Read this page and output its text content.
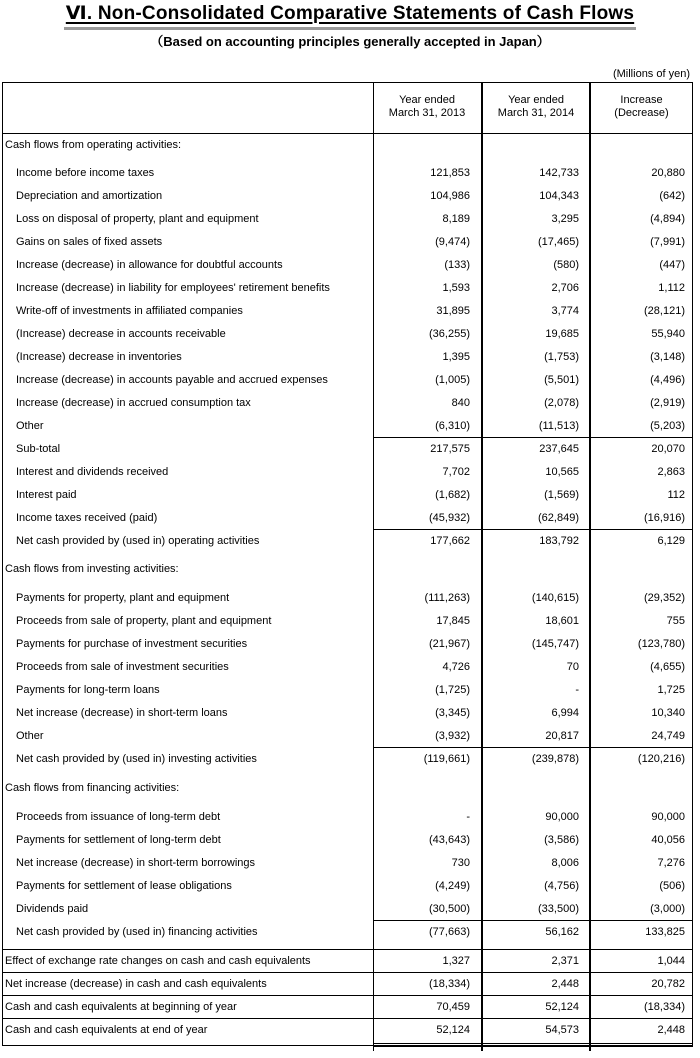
Ⅵ. Non-Consolidated Comparative Statements of Cash Flows
（Based on accounting principles generally accepted in Japan）
(Millions of yen)
Year ended
March 31, 2013
Year ended
March 31, 2014
Increase
(Decrease)
Cash flows from operating activities:
Income before income taxes	121,853	142,733	20,880
Depreciation and amortization	104,986	104,343	(642)
Loss on disposal of property, plant and equipment	8,189	3,295	(4,894)
Gains on sales of fixed assets	(9,474)	(17,465)	(7,991)
Increase (decrease) in allowance for doubtful accounts	(133)	(580)	(447)
Increase (decrease) in liability for employees' retirement benefits	1,593	2,706	1,112
Write-off of investments in affiliated companies	31,895	3,774	(28,121)
(Increase) decrease in accounts receivable	(36,255)	19,685	55,940
(Increase) decrease in inventories	1,395	(1,753)	(3,148)
Increase (decrease) in accounts payable and accrued expenses	(1,005)	(5,501)	(4,496)
Increase (decrease) in accrued consumption tax	840	(2,078)	(2,919)
Other	(6,310)	(11,513)	(5,203)
Sub-total	217,575	237,645	20,070
Interest and dividends received	7,702	10,565	2,863
Interest paid	(1,682)	(1,569)	112
Income taxes received (paid)	(45,932)	(62,849)	(16,916)
Net cash provided by (used in) operating activities	177,662	183,792	6,129
Cash flows from investing activities:
Payments for property, plant and equipment	(111,263)	(140,615)	(29,352)
Proceeds from sale of property, plant and equipment	17,845	18,601	755
Payments for purchase of investment securities	(21,967)	(145,747)	(123,780)
Proceeds from sale of investment securities	4,726	70	(4,655)
Payments for long-term loans	(1,725)	-	1,725
Net increase (decrease) in short-term loans	(3,345)	6,994	10,340
Other	(3,932)	20,817	24,749
Net cash provided by (used in) investing activities	(119,661)	(239,878)	(120,216)
Cash flows from financing activities:
Proceeds from issuance of long-term debt	-	90,000	90,000
Payments for settlement of long-term debt	(43,643)	(3,586)	40,056
Net increase (decrease) in short-term borrowings	730	8,006	7,276
Payments for settlement of lease obligations	(4,249)	(4,756)	(506)
Dividends paid	(30,500)	(33,500)	(3,000)
Net cash provided by (used in) financing activities	(77,663)	56,162	133,825
Effect of exchange rate changes on cash and cash equivalents	1,327	2,371	1,044
Net increase (decrease) in cash and cash equivalents	(18,334)	2,448	20,782
Cash and cash equivalents at beginning of year	70,459	52,124	(18,334)
Cash and cash equivalents at end of year	52,124	54,573	2,448
